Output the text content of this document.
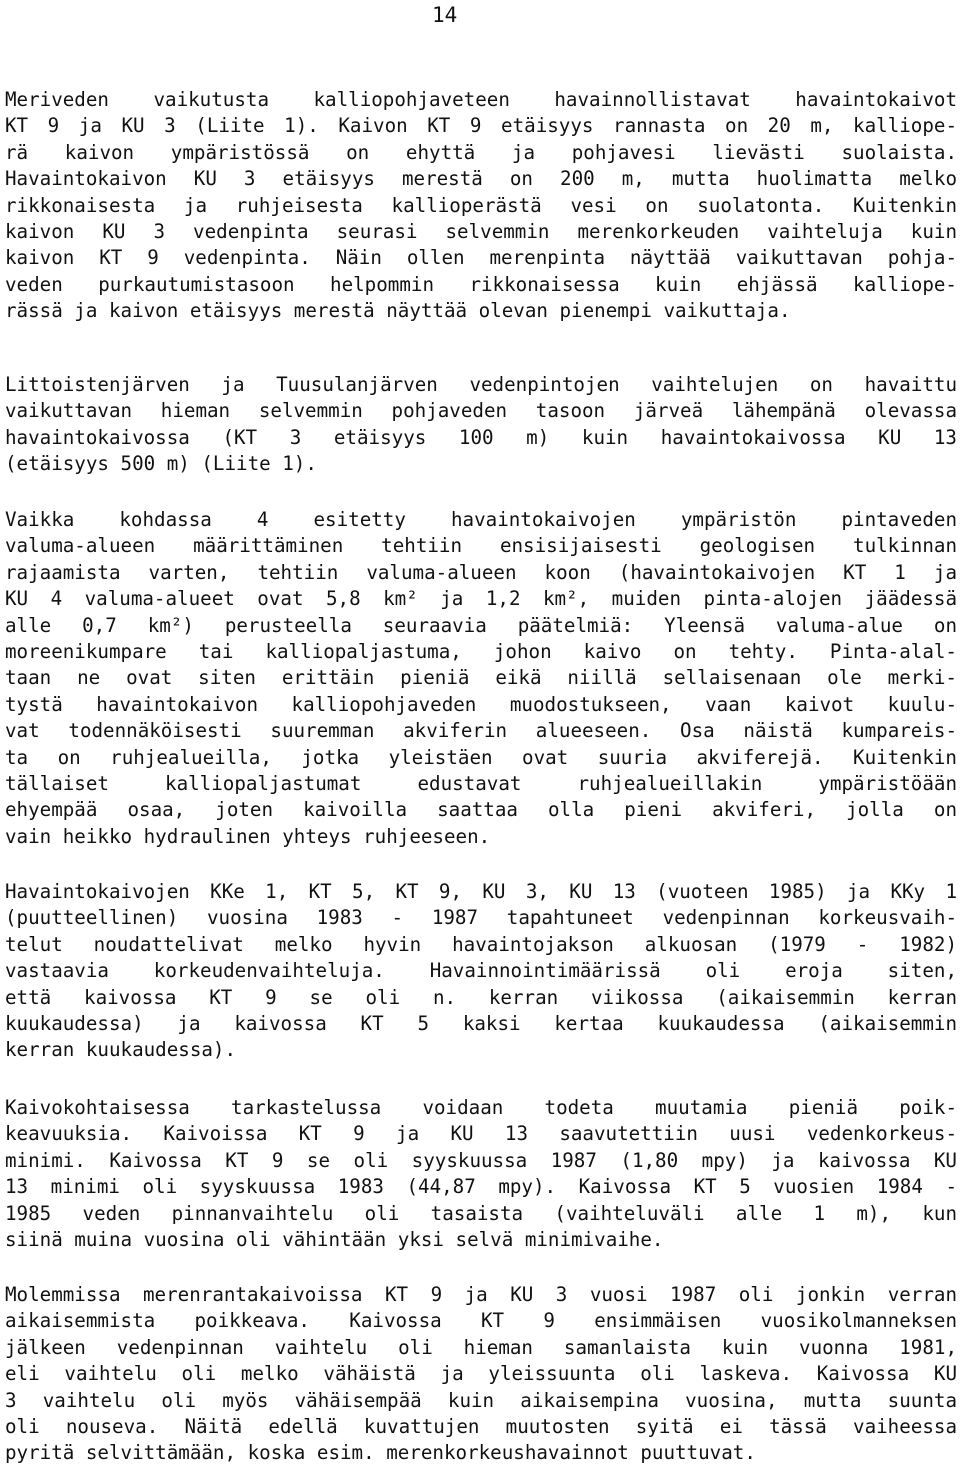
14
Meriveden vaikutusta kalliopohjaveteen havainnollistavat havaintokaivot
KT 9 ja KU 3 (Liite 1). Kaivon KT 9 etäisyys rannasta on 20 m, kalliope-
rä kaivon ympäristössä on ehyttä ja pohjavesi lievästi suolaista.
Havaintokaivon KU 3 etäisyys merestä on 200 m, mutta huolimatta melko
rikkonaisesta ja ruhjeisesta kallioperästä vesi on suolatonta. Kuitenkin
kaivon KU 3 vedenpinta seurasi selvemmin merenkorkeuden vaihteluja kuin
kaivon KT 9 vedenpinta. Näin ollen merenpinta näyttää vaikuttavan pohja-
veden purkautumistasoon helpommin rikkonaisessa kuin ehjässä kalliope-
rässä ja kaivon etäisyys merestä näyttää olevan pienempi vaikuttaja.
Littoistenjärven ja Tuusulanjärven vedenpintojen vaihtelujen on havaittu
vaikuttavan hieman selvemmin pohjaveden tasoon järveä lähempänä olevassa
havaintokaivossa (KT 3 etäisyys 100 m) kuin havaintokaivossa KU 13
(etäisyys 500 m) (Liite 1).
Vaikka kohdassa 4 esitetty havaintokaivojen ympäristön pintaveden
valuma-alueen määrittäminen tehtiin ensisijaisesti geologisen tulkinnan
rajaamista varten, tehtiin valuma-alueen koon (havaintokaivojen KT 1 ja
KU 4 valuma-alueet ovat 5,8 km² ja 1,2 km², muiden pinta-alojen jäädessä
alle 0,7 km²) perusteella seuraavia päätelmiä: Yleensä valuma-alue on
moreenikumpare tai kalliopaljastuma, johon kaivo on tehty. Pinta-alal-
taan ne ovat siten erittäin pieniä eikä niillä sellaisenaan ole merki-
tystä havaintokaivon kalliopohjaveden muodostukseen, vaan kaivot kuulu-
vat todennäköisesti suuremman akviferin alueeseen. Osa näistä kumpareis-
ta on ruhjealueilla, jotka yleistäen ovat suuria akviferejä. Kuitenkin
tällaiset kalliopaljastumat edustavat ruhjealueillakin ympäristöään
ehyempää osaa, joten kaivoilla saattaa olla pieni akviferi, jolla on
vain heikko hydraulinen yhteys ruhjeeseen.
Havaintokaivojen KKe 1, KT 5, KT 9, KU 3, KU 13 (vuoteen 1985) ja KKy 1
(puutteellinen) vuosina 1983 - 1987 tapahtuneet vedenpinnan korkeusvaih-
telut noudattelivat melko hyvin havaintojakson alkuosan (1979 - 1982)
vastaavia korkeudenvaihteluja. Havainnointimäärissä oli eroja siten,
että kaivossa KT 9 se oli n. kerran viikossa (aikaisemmin kerran
kuukaudessa) ja kaivossa KT 5 kaksi kertaa kuukaudessa (aikaisemmin
kerran kuukaudessa).
Kaivokohtaisessa tarkastelussa voidaan todeta muutamia pieniä poik-
keavuuksia. Kaivoissa KT 9 ja KU 13 saavutettiin uusi vedenkorkeus-
minimi. Kaivossa KT 9 se oli syyskuussa 1987 (1,80 mpy) ja kaivossa KU
13 minimi oli syyskuussa 1983 (44,87 mpy). Kaivossa KT 5 vuosien 1984 -
1985 veden pinnanvaihtelu oli tasaista (vaihteluväli alle 1 m), kun
siinä muina vuosina oli vähintään yksi selvä minimivaihe.
Molemmissa merenrantakaivoissa KT 9 ja KU 3 vuosi 1987 oli jonkin verran
aikaisemmista poikkeava. Kaivossa KT 9 ensimmäisen vuosikolmanneksen
jälkeen vedenpinnan vaihtelu oli hieman samanlaista kuin vuonna 1981,
eli vaihtelu oli melko vähäistä ja yleissuunta oli laskeva. Kaivossa KU
3 vaihtelu oli myös vähäisempää kuin aikaisempina vuosina, mutta suunta
oli nouseva. Näitä edellä kuvattujen muutosten syitä ei tässä vaiheessa
pyritä selvittämään, koska esim. merenkorkeushavainnot puuttuvat.
